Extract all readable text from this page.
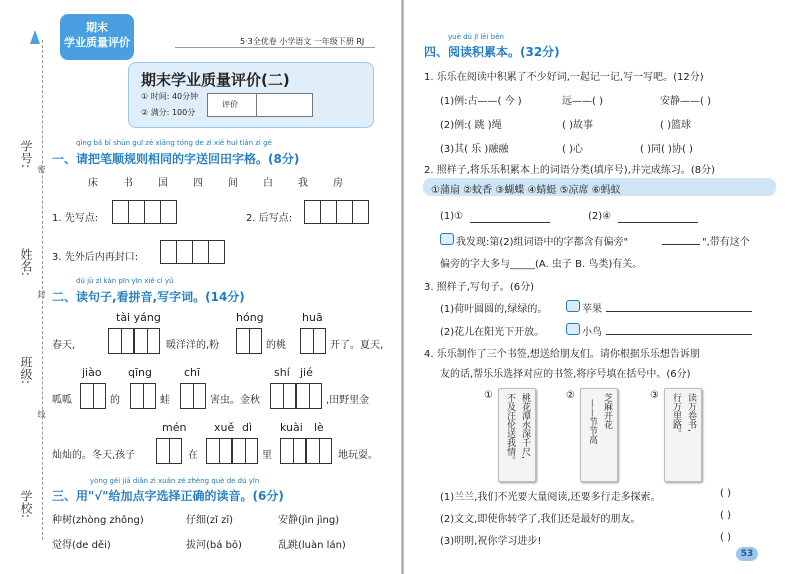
学号:
姓名:
班级:
学校:
密
封
线
期末
学业质量评价	5·3全优卷 小学语文 一年级下册 RJ
期末学业质量评价(二)
① 时间: 40分钟
② 满分: 100分
评价
qǐng bǎ bǐ shùn guī zé xiāng tóng de zì xiě huí tián zì gé
一、请把笔顺规则相同的字送回田字格。(8分)
床	书	国	四	间	白	我	房
1. 先写点:	2. 后写点:
3. 先外后内再封口:
dú jù zi kàn pīn yīn xiě cí yǔ
二、读句子,看拼音,写字词。(14分)
tài yáng	hóng	huā
春天,	暖洋洋的,粉	的桃	开了。夏天,
jiào qīng	chī	shí jié
呱呱	的	蛙	害虫。金秋	,田野里金
mén	xuě dì	kuài lè
灿灿的。冬天,孩子	在	里	地玩耍。
yòng gěi jiā diǎn zì xuǎn zé zhèng què de dú yīn
三、用"√"给加点字选择正确的读音。(6分)
种树(zhòng zhǒng)	仔细(zǐ zī)	安静(jìn jìng)
觉得(de děi)	拔河(bá bō)	乱跳(luàn lán)
yuè dú jī lěi běn
四、阅读积累本。(32分)
1. 乐乐在阅读中积累了不少好词,一起记一记,写一写吧。(12分)
(1)例:古——( 今 )	远——( )	安静——( )
(2)例:( 跳 )绳	( )故事	( )篮球
(3)其( 乐 )融融	( )心	( )同( )协( )
2. 照样子,将乐乐积累本上的词语分类(填序号),并完成练习。(8分)
①蒲扇 ②蚊香 ③蝴蝶 ④蜻蜓 ⑤凉席 ⑥蚂蚁
(1)①	(2)④
我发现:第(2)组词语中的字都含有偏旁"	",带有这个
偏旁的字大多与_____(A. 虫子 B. 鸟类)有关。
3. 照样子,写句子。(6分)
(1)荷叶圆圆的,绿绿的。	苹果
(2)花儿在阳光下开放。	小鸟
4. 乐乐制作了三个书签,想送给朋友们。请你根据乐乐想告诉朋
友的话,帮乐乐选择对应的书签,将序号填在括号中。(6分)
①	桃花潭水深千尺,
不及汪伦送我情。	②	芝麻开花
——节节高
③	读万卷书,
行万里路。
(1)兰兰,我们不光要大量阅读,还要多行走多探索。	( )
(2)文文,即使你转学了,我们还是最好的朋友。	( )
(3)明明,祝你学习进步!	( )
53
